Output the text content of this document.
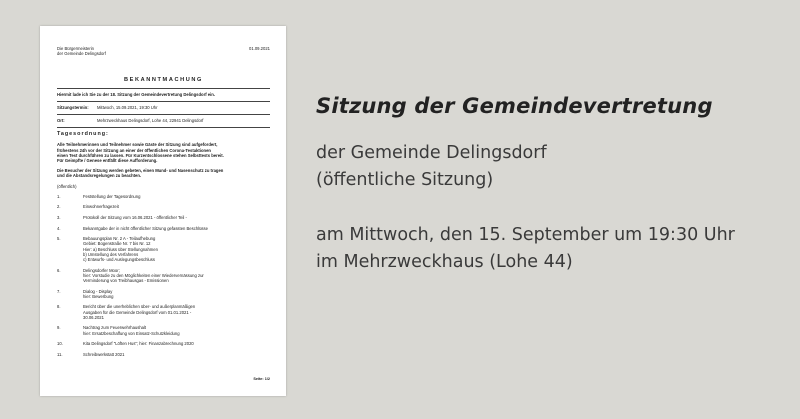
Die Bürgermeisterin
der Gemeinde Delingsdorf
01.09.2021
BEKANNTMACHUNG
Hiermit lade ich Sie zu der 18. Sitzung der Gemeindevertretung Delingsdorf ein.
Sitzungstermin:	Mittwoch, 15.09.2021, 19:30 Uhr
Ort:	Mehrzweckhaus Delingsdorf, Lohe 44, 22941 Delingsdorf
Tagesordnung:
Alle Teilnehmerinnen und Teilnehmer sowie Gäste der Sitzung sind aufgefordert,
frühestens 24h vor der Sitzung an einer der öffentlichen Corona-Testaktionen
einen Test durchführen zu lassen. Für Kurzentschlossene stehen Selbsttests bereit.
Für Geimpfte / Genese entfällt diese Aufforderung.
Die Besucher der Sitzung werden gebeten, einen Mund- und Nasenschutz zu tragen
und die Abstandsregelungen zu beachten.
(öffentlich)
1.	Feststellung der Tagesordnung
2.	Einwohnerfragezeit
3.	Protokoll der Sitzung vom 16.06.2021 - öffentlicher Teil -
4.	Bekanntgabe der in nicht öffentlicher Sitzung gefassten Beschlüsse
5.	Bebauungsplan Nr. 2 A - Teilaufhebung
Gebiet: Bogenstraße Nr. 7 bis Nr. 12
Hier: a) Beschluss über Stellungnahmen
b) Umstellung des Verfahrens
c) Entwurfs- und Auslegungsbeschluss
6.	Delingsdorfer Moor;
hier: Vorstudie zu den Möglichkeiten einer Wiedervernässung zur
Verminderung von Treibhausgas - Emissionen
7.	Dialog - Display
hier: Bewerbung
8.	Bericht über die unerheblichen über- und außerplanmäßigen
Ausgaben für die Gemeinde Delingsdorf vom 01.01.2021 -
30.06.2021
9.	Nachtrag zum Feuerwehrhaushalt
hier: Ersatzbeschaffung von Einsatz-Schutzkleidung
10.	Kita Delingsdorf "Löften Hus"; hier: Finanzabrechnung 2020
11.	Schreibwerkstatt 2021
Seite: 1/2
Sitzung der Gemeindevertretung
der Gemeinde Delingsdorf
(öffentliche Sitzung)
am Mittwoch, den 15. September um 19:30 Uhr
im Mehrzweckhaus (Lohe 44)
